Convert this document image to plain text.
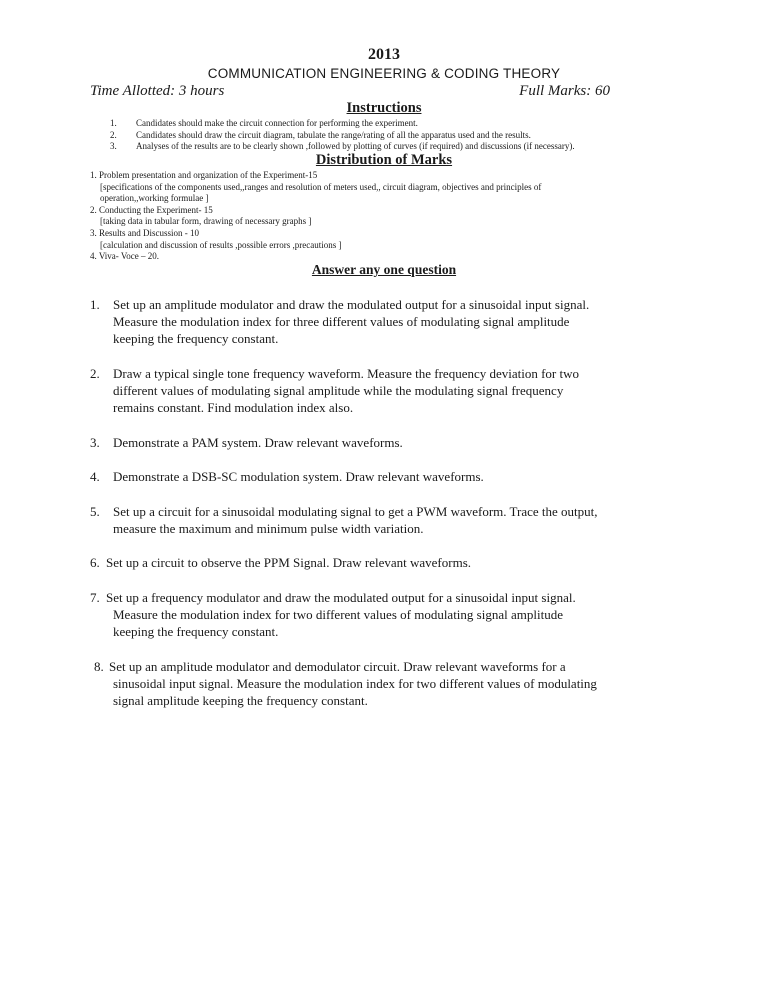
2013
COMMUNICATION ENGINEERING & CODING THEORY
Time Allotted: 3 hours	Full Marks: 60
Instructions
1. Candidates should make the circuit connection for performing the experiment.
2. Candidates should draw the circuit diagram, tabulate the range/rating of all the apparatus used and the results.
3. Analyses of the results are to be clearly shown ,followed by plotting of curves (if required) and discussions (if necessary).
Distribution of Marks
1. Problem presentation and organization of the Experiment-15
[specifications of the components used,,ranges and resolution of meters used,, circuit diagram, objectives and principles of
operation,,working formulae ]
2. Conducting the Experiment- 15
[taking data in tabular form, drawing of necessary graphs ]
3. Results and Discussion - 10
[calculation and discussion of results ,possible errors ,precautions ]
4. Viva- Voce – 20.
Answer any one question
1. Set up an amplitude modulator and draw the modulated output for a sinusoidal input signal.
Measure the modulation index for three different values of modulating signal amplitude
keeping the frequency constant.
2. Draw a typical single tone frequency waveform. Measure the frequency deviation for two
different values of modulating signal amplitude while the modulating signal frequency
remains constant. Find modulation index also.
3. Demonstrate a PAM system. Draw relevant waveforms.
4. Demonstrate a DSB-SC modulation system. Draw relevant waveforms.
5. Set up a circuit for a sinusoidal modulating signal to get a PWM waveform. Trace the output,
measure the maximum and minimum pulse width variation.
6. Set up a circuit to observe the PPM Signal. Draw relevant waveforms.
7. Set up a frequency modulator and draw the modulated output for a sinusoidal input signal.
Measure the modulation index for two different values of modulating signal amplitude
keeping the frequency constant.
8. Set up an amplitude modulator and demodulator circuit. Draw relevant waveforms for a
sinusoidal input signal. Measure the modulation index for two different values of modulating
signal amplitude keeping the frequency constant.
